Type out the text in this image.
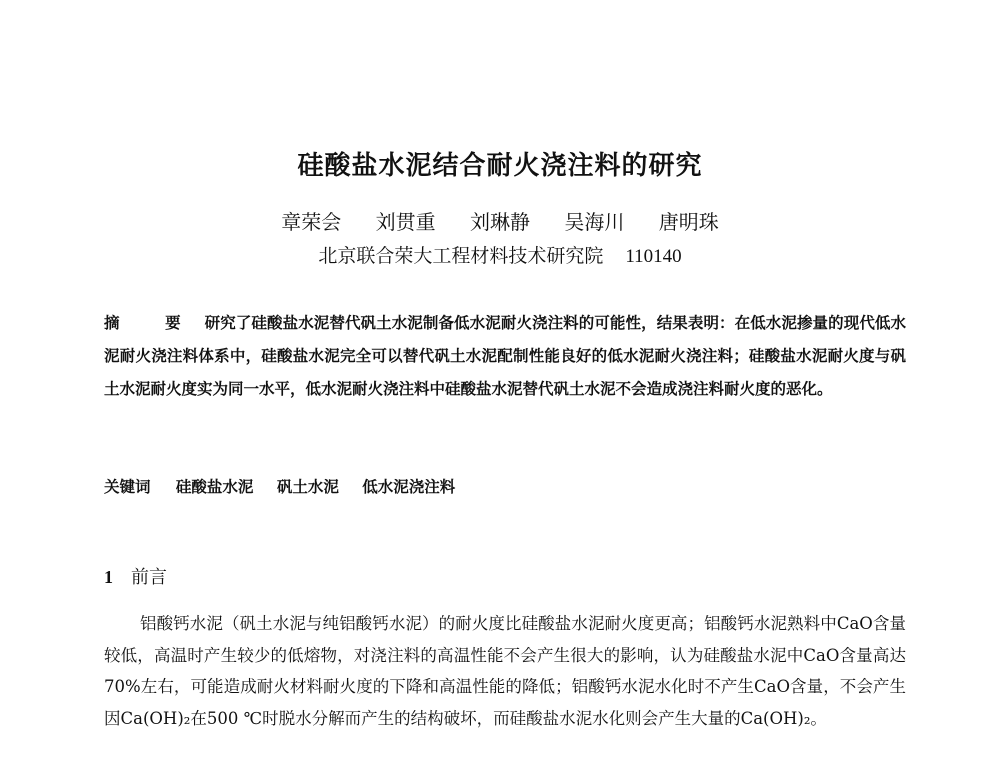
硅酸盐水泥结合耐火浇注料的研究
章荣会 刘贯重 刘琳静 吴海川 唐明珠
北京联合荣大工程材料技术研究院 110140
摘 要 研究了硅酸盐水泥替代矾土水泥制备低水泥耐火浇注料的可能性，结果表明：在低水泥掺量的现代低水泥耐火浇注料体系中，硅酸盐水泥完全可以替代矾土水泥配制性能良好的低水泥耐火浇注料；硅酸盐水泥耐火度与矾土水泥耐火度实为同一水平，低水泥耐火浇注料中硅酸盐水泥替代矾土水泥不会造成浇注料耐火度的恶化。
关键词 硅酸盐水泥 矾土水泥 低水泥浇注料
1 前言
铝酸钙水泥（矾土水泥与纯铝酸钙水泥）的耐火度比硅酸盐水泥耐火度更高；铝酸钙水泥熟料中CaO含量较低，高温时产生较少的低熔物，对浇注料的高温性能不会产生很大的影响，认为硅酸盐水泥中CaO含量高达70%左右，可能造成耐火材料耐火度的下降和高温性能的降低；铝酸钙水泥水化时不产生CaO含量，不会产生因Ca(OH)₂在500 ℃时脱水分解而产生的结构破坏，而硅酸盐水泥水化则会产生大量的Ca(OH)₂。
